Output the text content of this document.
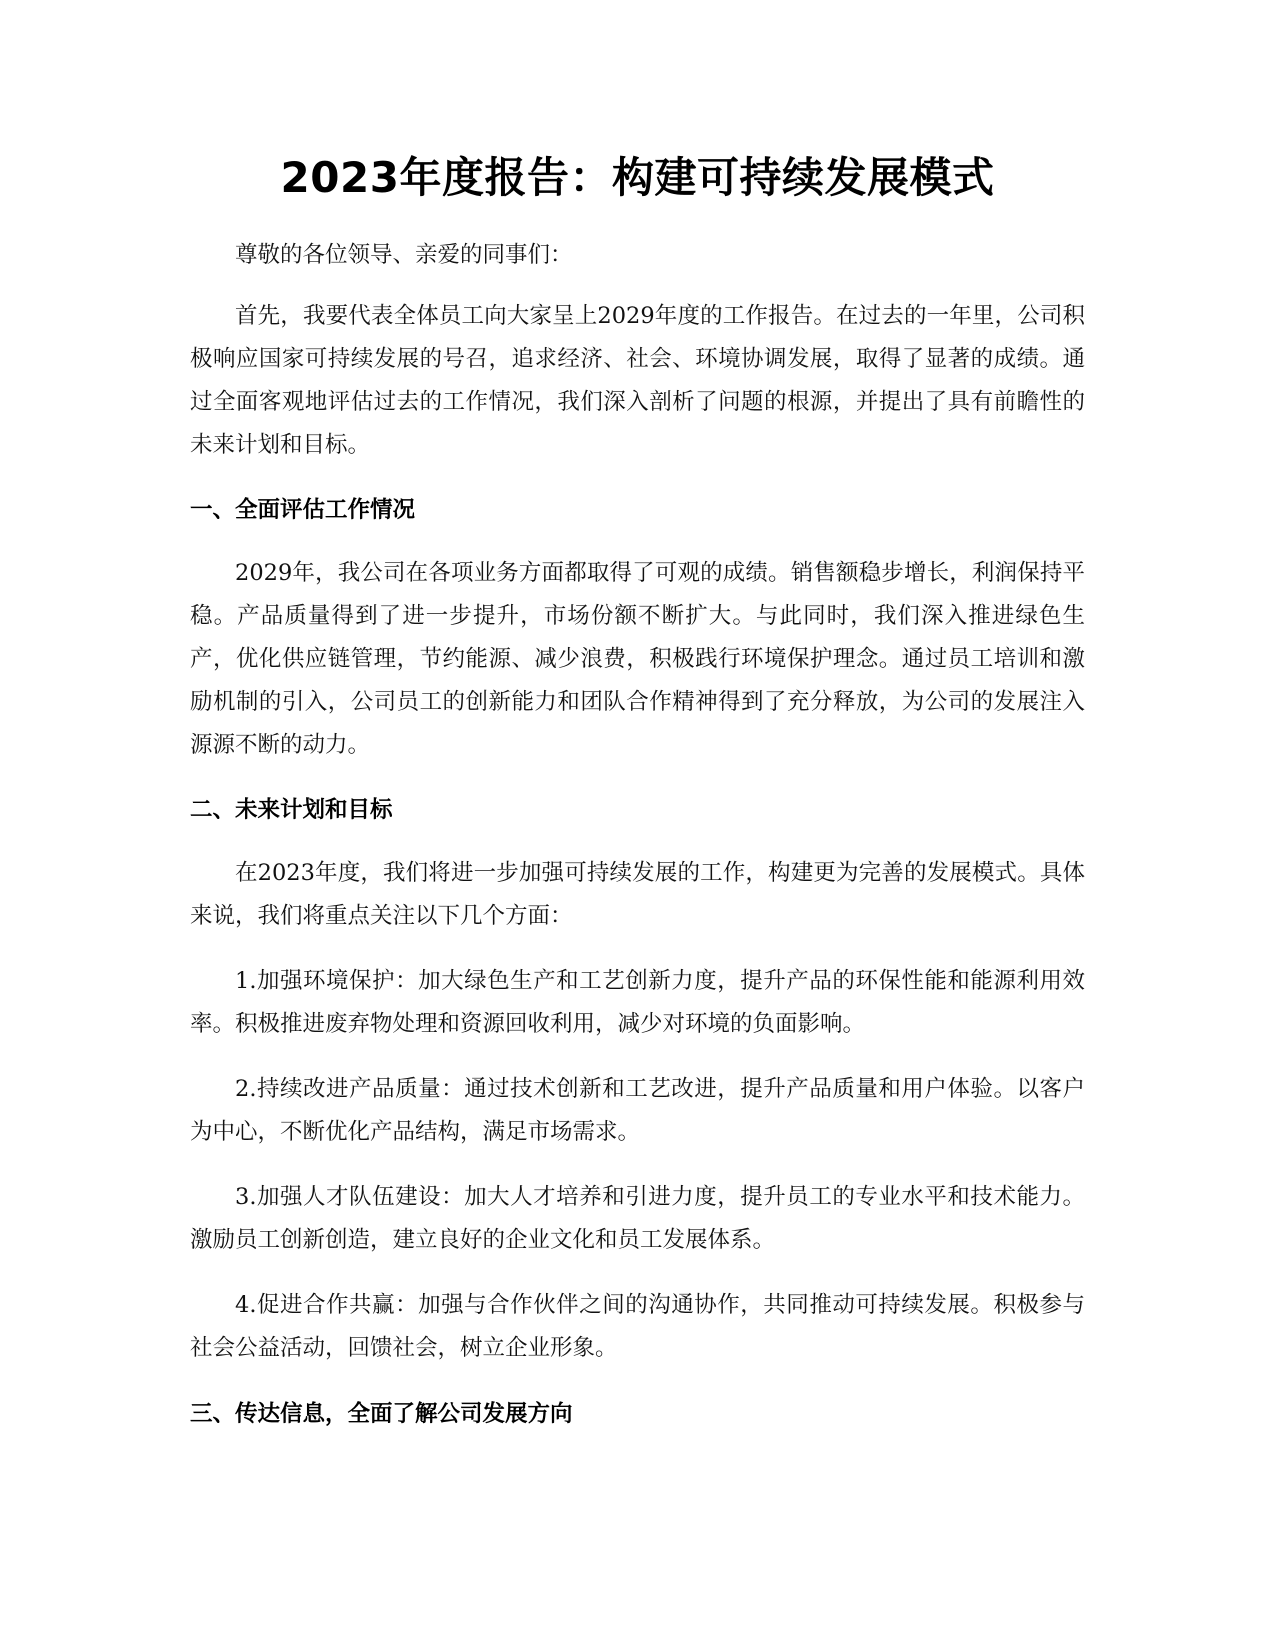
2023年度报告：构建可持续发展模式

尊敬的各位领导、亲爱的同事们：

首先，我要代表全体员工向大家呈上2029年度的工作报告。在过去的一年里，公司积极响应国家可持续发展的号召，追求经济、社会、环境协调发展，取得了显著的成绩。通过全面客观地评估过去的工作情况，我们深入剖析了问题的根源，并提出了具有前瞻性的未来计划和目标。

一、全面评估工作情况

2029年，我公司在各项业务方面都取得了可观的成绩。销售额稳步增长，利润保持平稳。产品质量得到了进一步提升，市场份额不断扩大。与此同时，我们深入推进绿色生产，优化供应链管理，节约能源、减少浪费，积极践行环境保护理念。通过员工培训和激励机制的引入，公司员工的创新能力和团队合作精神得到了充分释放，为公司的发展注入源源不断的动力。

二、未来计划和目标

在2023年度，我们将进一步加强可持续发展的工作，构建更为完善的发展模式。具体来说，我们将重点关注以下几个方面：

1.加强环境保护：加大绿色生产和工艺创新力度，提升产品的环保性能和能源利用效率。积极推进废弃物处理和资源回收利用，减少对环境的负面影响。

2.持续改进产品质量：通过技术创新和工艺改进，提升产品质量和用户体验。以客户为中心，不断优化产品结构，满足市场需求。

3.加强人才队伍建设：加大人才培养和引进力度，提升员工的专业水平和技术能力。激励员工创新创造，建立良好的企业文化和员工发展体系。

4.促进合作共赢：加强与合作伙伴之间的沟通协作，共同推动可持续发展。积极参与社会公益活动，回馈社会，树立企业形象。

三、传达信息，全面了解公司发展方向
